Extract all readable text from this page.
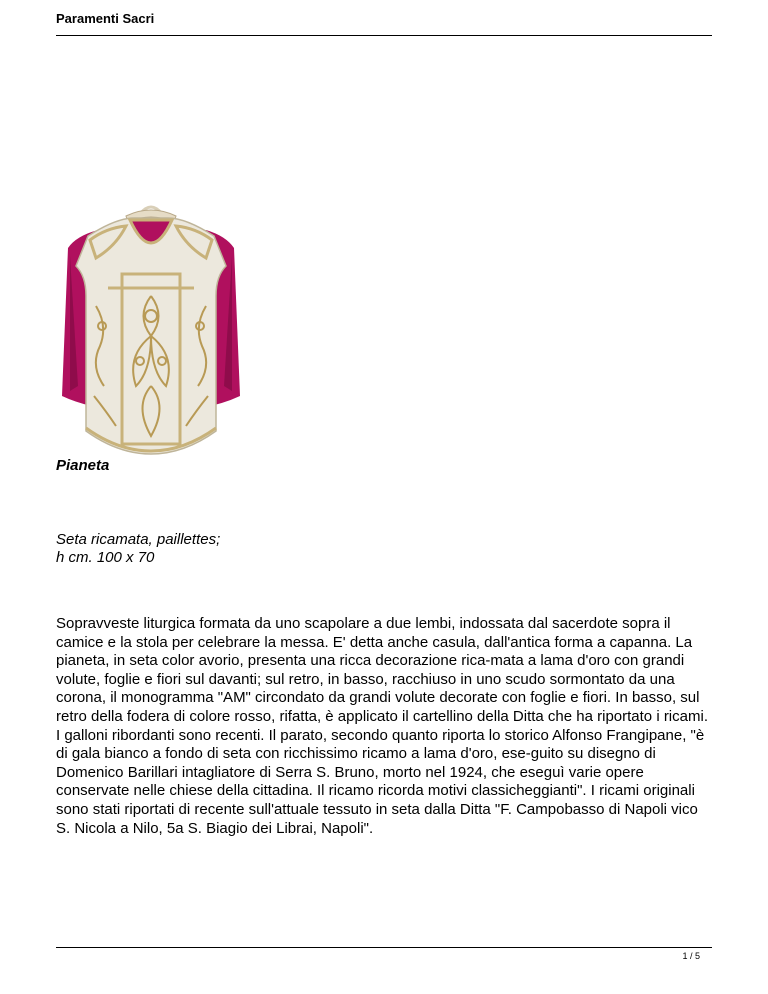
Paramenti Sacri
Pianeta
Seta ricamata, paillettes;
h cm. 100 x 70
Sopravveste liturgica formata da uno scapolare a due lembi, indossata dal sacerdote sopra il camice e la stola per celebrare la messa. E' detta anche casula, dall'antica forma a capanna. La pianeta, in seta color avorio, presenta una ricca decorazione rica-mata a lama d'oro con grandi volute, foglie e fiori sul davanti; sul retro, in basso, racchiuso in uno scudo sormontato da una corona, il monogramma "AM" circondato da grandi volute decorate con foglie e fiori. In basso, sul retro della fodera di colore rosso, rifatta, è applicato il cartellino della Ditta che ha riportato i ricami. I galloni ribordanti sono recenti. Il parato, secondo quanto riporta lo storico Alfonso Frangipane, "è di gala bianco a fondo di seta con ricchissimo ricamo a lama d'oro, ese-guito su disegno di Domenico Barillari intagliatore di Serra S. Bruno, morto nel 1924, che eseguì varie opere conservate nelle chiese della cittadina. Il ricamo ricorda motivi classicheggianti". I ricami originali sono stati riportati di recente sull'attuale tessuto in seta dalla Ditta "F. Campobasso di Napoli vico S. Nicola a Nilo, 5a S. Biagio dei Librai, Napoli".
1 / 5
